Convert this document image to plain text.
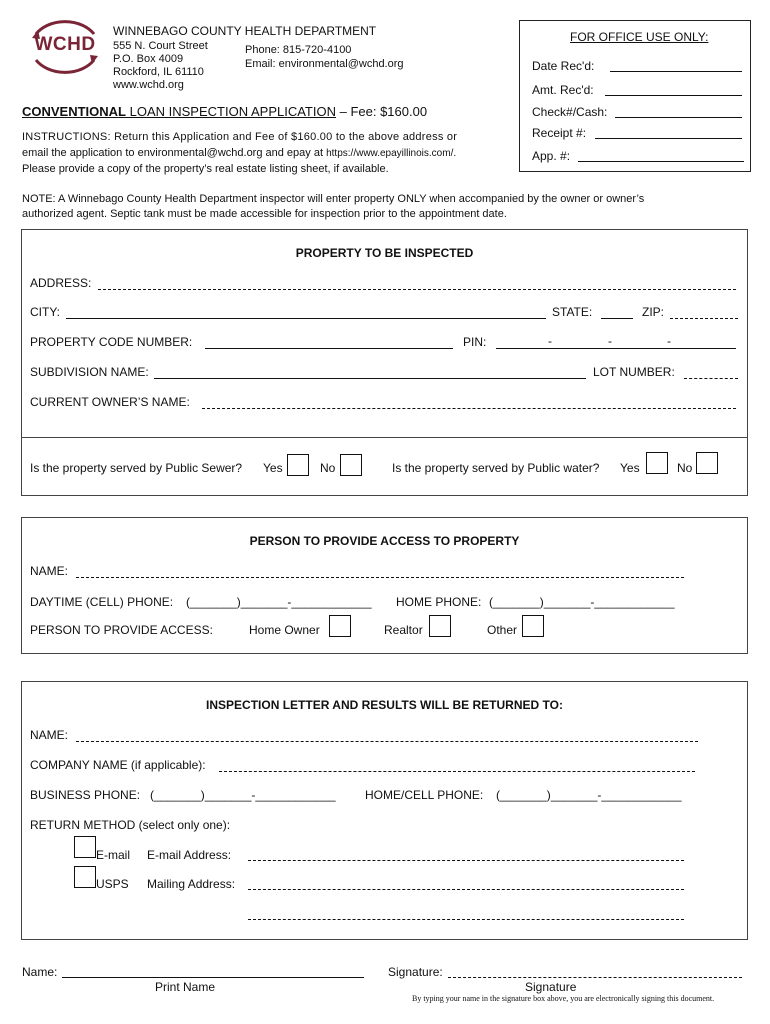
WCHD
WINNEBAGO COUNTY HEALTH DEPARTMENT
555 N. Court Street
P.O. Box 4009
Rockford, IL 61110
www.wchd.org
Phone: 815-720-4100
Email: environmental@wchd.org
FOR OFFICE USE ONLY:
Date Rec'd:
Amt. Rec'd:
Check#/Cash:
Receipt #:
App. #:
CONVENTIONAL LOAN INSPECTION APPLICATION – Fee: $160.00
INSTRUCTIONS: Return this Application and Fee of $160.00 to the above address or
email the application to environmental@wchd.org and epay at https://www.epayillinois.com/.
Please provide a copy of the property’s real estate listing sheet, if available.
NOTE: A Winnebago County Health Department inspector will enter property ONLY when accompanied by the owner or owner’s
authorized agent. Septic tank must be made accessible for inspection prior to the appointment date.
PROPERTY TO BE INSPECTED
ADDRESS:
CITY:	STATE:	ZIP:
PROPERTY CODE NUMBER:	PIN:	-	-	-
SUBDIVISION NAME:	LOT NUMBER:
CURRENT OWNER’S NAME:
Is the property served by Public Sewer? Yes	No	Is the property served by Public water? Yes	No
PERSON TO PROVIDE ACCESS TO PROPERTY
NAME:
DAYTIME (CELL) PHONE: (_______)_______-____________ HOME PHONE: (_______)_______-____________
PERSON TO PROVIDE ACCESS:	Home Owner	Realtor	Other
INSPECTION LETTER AND RESULTS WILL BE RETURNED TO:
NAME:
COMPANY NAME (if applicable):
BUSINESS PHONE: (_______)_______-____________ HOME/CELL PHONE: (_______)_______-____________
RETURN METHOD (select only one):
E-mail E-mail Address:
USPS Mailing Address:
Name:
Print Name
Signature:
Signature
By typing your name in the signature box above, you are electronically signing this document.
